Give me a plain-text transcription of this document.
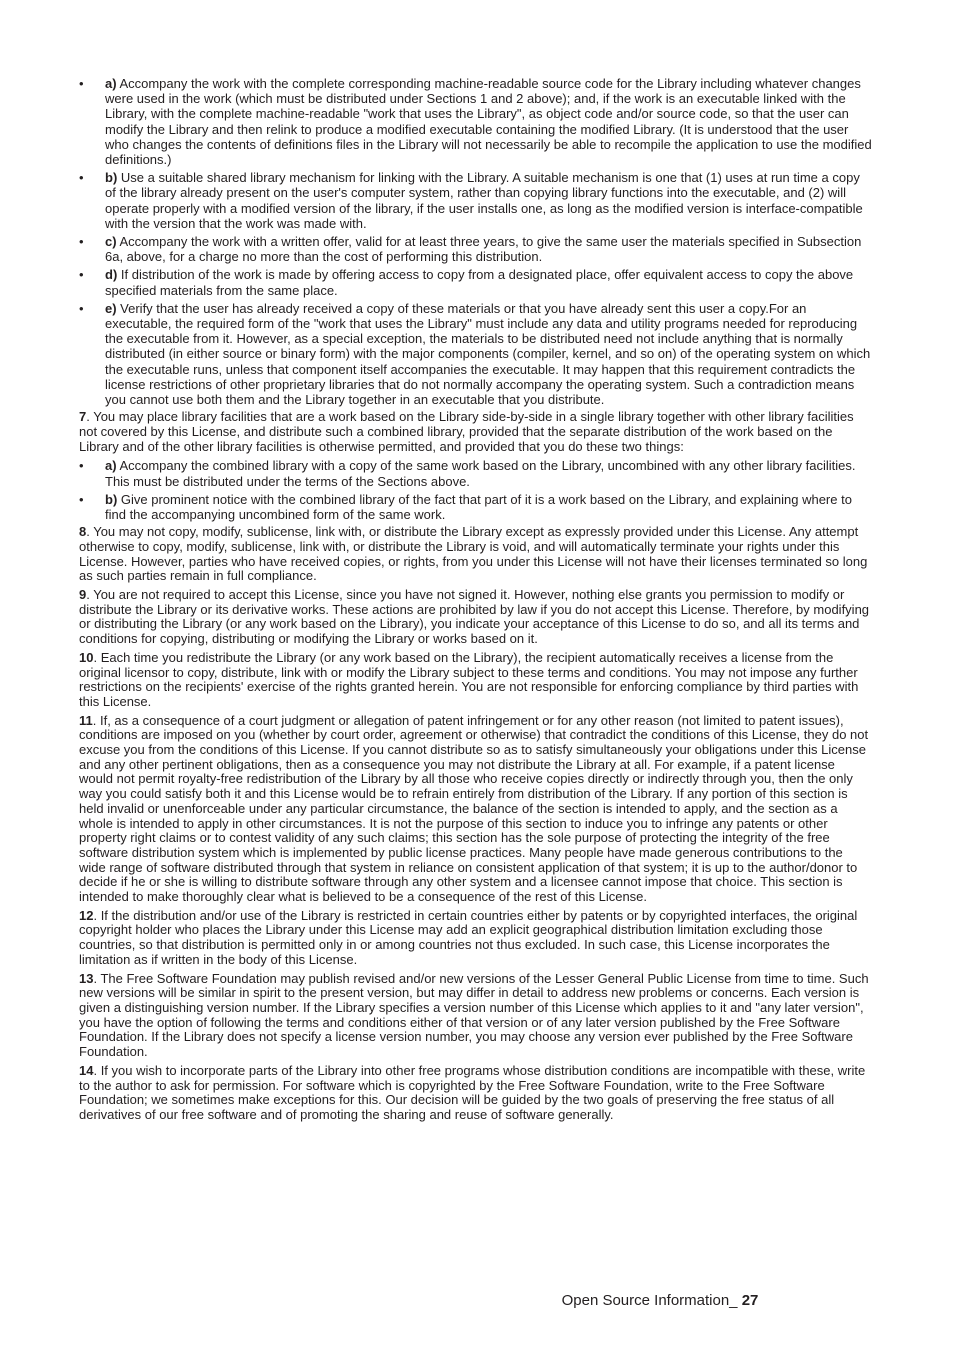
•	a) Accompany the work with the complete corresponding machine-readable source code for the Library including whatever changes were used in the work (which must be distributed under Sections 1 and 2 above); and, if the work is an executable linked with the Library, with the complete machine-readable "work that uses the Library", as object code and/or source code, so that the user can modify the Library and then relink to produce a modified executable containing the modified Library. (It is understood that the user who changes the contents of definitions files in the Library will not necessarily be able to recompile the application to use the modified definitions.)
•	b) Use a suitable shared library mechanism for linking with the Library. A suitable mechanism is one that (1) uses at run time a copy of the library already present on the user's computer system, rather than copying library functions into the executable, and (2) will operate properly with a modified version of the library, if the user installs one, as long as the modified version is interface-compatible with the version that the work was made with.
•	c) Accompany the work with a written offer, valid for at least three years, to give the same user the materials specified in Subsection 6a, above, for a charge no more than the cost of performing this distribution.
•	d) If distribution of the work is made by offering access to copy from a designated place, offer equivalent access to copy the above specified materials from the same place.
•	e) Verify that the user has already received a copy of these materials or that you have already sent this user a copy.For an executable, the required form of the "work that uses the Library" must include any data and utility programs needed for reproducing the executable from it. However, as a special exception, the materials to be distributed need not include anything that is normally distributed (in either source or binary form) with the major components (compiler, kernel, and so on) of the operating system on which the executable runs, unless that component itself accompanies the executable. It may happen that this requirement contradicts the license restrictions of other proprietary libraries that do not normally accompany the operating system. Such a contradiction means you cannot use both them and the Library together in an executable that you distribute.

7. You may place library facilities that are a work based on the Library side-by-side in a single library together with other library facilities not covered by this License, and distribute such a combined library, provided that the separate distribution of the work based on the Library and of the other library facilities is otherwise permitted, and provided that you do these two things:

•	a) Accompany the combined library with a copy of the same work based on the Library, uncombined with any other library facilities. This must be distributed under the terms of the Sections above.
•	b) Give prominent notice with the combined library of the fact that part of it is a work based on the Library, and explaining where to find the accompanying uncombined form of the same work.

8. You may not copy, modify, sublicense, link with, or distribute the Library except as expressly provided under this License. Any attempt otherwise to copy, modify, sublicense, link with, or distribute the Library is void, and will automatically terminate your rights under this License. However, parties who have received copies, or rights, from you under this License will not have their licenses terminated so long as such parties remain in full compliance.

9. You are not required to accept this License, since you have not signed it. However, nothing else grants you permission to modify or distribute the Library or its derivative works. These actions are prohibited by law if you do not accept this License. Therefore, by modifying or distributing the Library (or any work based on the Library), you indicate your acceptance of this License to do so, and all its terms and conditions for copying, distributing or modifying the Library or works based on it.

10. Each time you redistribute the Library (or any work based on the Library), the recipient automatically receives a license from the original licensor to copy, distribute, link with or modify the Library subject to these terms and conditions. You may not impose any further restrictions on the recipients' exercise of the rights granted herein. You are not responsible for enforcing compliance by third parties with this License.

11. If, as a consequence of a court judgment or allegation of patent infringement or for any other reason (not limited to patent issues), conditions are imposed on you (whether by court order, agreement or otherwise) that contradict the conditions of this License, they do not excuse you from the conditions of this License. If you cannot distribute so as to satisfy simultaneously your obligations under this License and any other pertinent obligations, then as a consequence you may not distribute the Library at all. For example, if a patent license would not permit royalty-free redistribution of the Library by all those who receive copies directly or indirectly through you, then the only way you could satisfy both it and this License would be to refrain entirely from distribution of the Library. If any portion of this section is held invalid or unenforceable under any particular circumstance, the balance of the section is intended to apply, and the section as a whole is intended to apply in other circumstances. It is not the purpose of this section to induce you to infringe any patents or other property right claims or to contest validity of any such claims; this section has the sole purpose of protecting the integrity of the free software distribution system which is implemented by public license practices. Many people have made generous contributions to the wide range of software distributed through that system in reliance on consistent application of that system; it is up to the author/donor to decide if he or she is willing to distribute software through any other system and a licensee cannot impose that choice. This section is intended to make thoroughly clear what is believed to be a consequence of the rest of this License.

12. If the distribution and/or use of the Library is restricted in certain countries either by patents or by copyrighted interfaces, the original copyright holder who places the Library under this License may add an explicit geographical distribution limitation excluding those countries, so that distribution is permitted only in or among countries not thus excluded. In such case, this License incorporates the limitation as if written in the body of this License.

13. The Free Software Foundation may publish revised and/or new versions of the Lesser General Public License from time to time. Such new versions will be similar in spirit to the present version, but may differ in detail to address new problems or concerns. Each version is given a distinguishing version number. If the Library specifies a version number of this License which applies to it and "any later version", you have the option of following the terms and conditions either of that version or of any later version published by the Free Software Foundation. If the Library does not specify a license version number, you may choose any version ever published by the Free Software Foundation.

14. If you wish to incorporate parts of the Library into other free programs whose distribution conditions are incompatible with these, write to the author to ask for permission. For software which is copyrighted by the Free Software Foundation, write to the Free Software Foundation; we sometimes make exceptions for this. Our decision will be guided by the two goals of preserving the free status of all derivatives of our free software and of promoting the sharing and reuse of software generally.

Open Source Information_ 27
